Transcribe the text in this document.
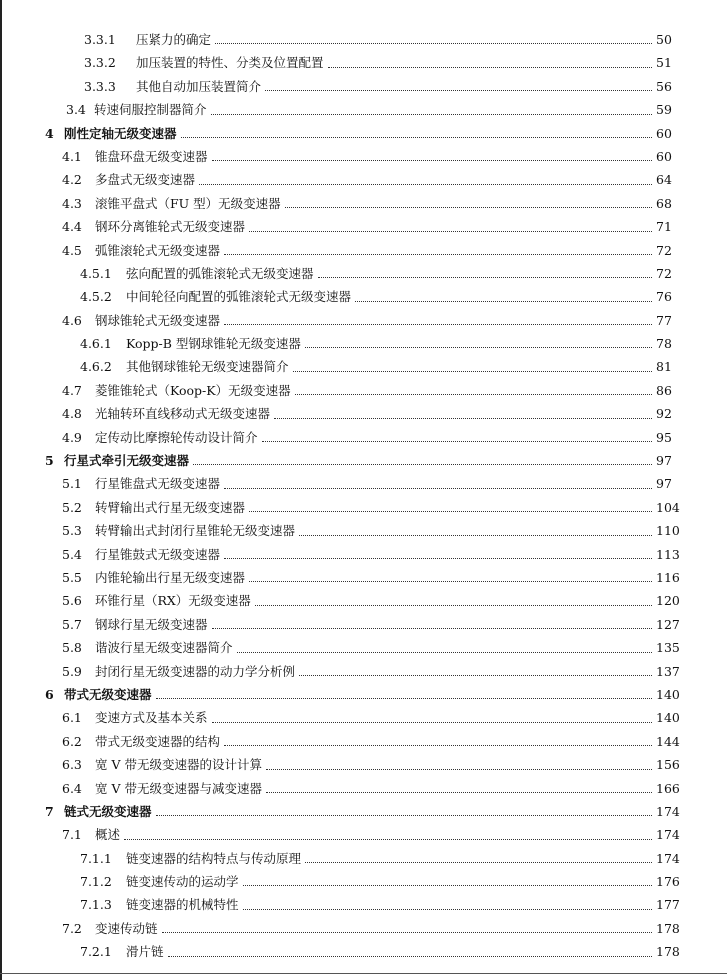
3.3.1 压紧力的确定	50
3.3.2 加压装置的特性、分类及位置配置	51
3.3.3 其他自动加压装置简介	56
3.4 转速伺服控制器简介	59
4 刚性定轴无级变速器	60
4.1 锥盘环盘无级变速器	60
4.2 多盘式无级变速器	64
4.3 滚锥平盘式（FU 型）无级变速器	68
4.4 钢环分离锥轮式无级变速器	71
4.5 弧锥滚轮式无级变速器	72
4.5.1 弦向配置的弧锥滚轮式无级变速器	72
4.5.2 中间轮径向配置的弧锥滚轮式无级变速器	76
4.6 钢球锥轮式无级变速器	77
4.6.1 Kopp-B 型钢球锥轮无级变速器	78
4.6.2 其他钢球锥轮无级变速器简介	81
4.7 菱锥锥轮式（Koop-K）无级变速器	86
4.8 光轴转环直线移动式无级变速器	92
4.9 定传动比摩擦轮传动设计简介	95
5 行星式牵引无级变速器	97
5.1 行星锥盘式无级变速器	97
5.2 转臂输出式行星无级变速器	104
5.3 转臂输出式封闭行星锥轮无级变速器	110
5.4 行星锥鼓式无级变速器	113
5.5 内锥轮输出行星无级变速器	116
5.6 环锥行星（RX）无级变速器	120
5.7 钢球行星无级变速器	127
5.8 谐波行星无级变速器简介	135
5.9 封闭行星无级变速器的动力学分析例	137
6 带式无级变速器	140
6.1 变速方式及基本关系	140
6.2 带式无级变速器的结构	144
6.3 宽 V 带无级变速器的设计计算	156
6.4 宽 V 带无级变速器与减变速器	166
7 链式无级变速器	174
7.1 概述	174
7.1.1 链变速器的结构特点与传动原理	174
7.1.2 链变速传动的运动学	176
7.1.3 链变速器的机械特性	177
7.2 变速传动链	178
7.2.1 滑片链	178
